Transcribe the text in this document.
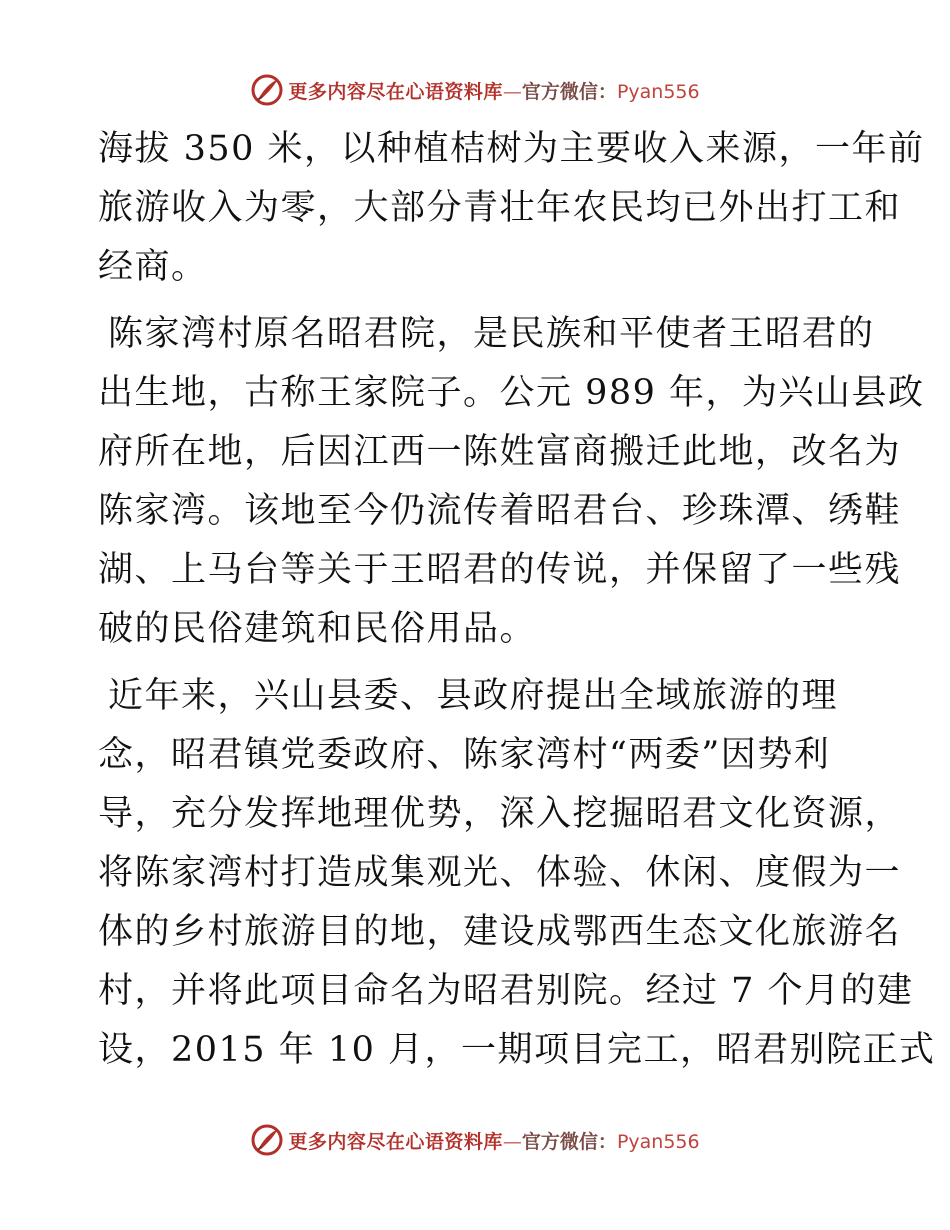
更多内容尽在心语资料库—官方微信：Pyan556
海拔 350 米，以种植桔树为主要收入来源，一年前
旅游收入为零，大部分青壮年农民均已外出打工和
经商。
陈家湾村原名昭君院，是民族和平使者王昭君的
出生地，古称王家院子。公元 989 年，为兴山县政
府所在地，后因江西一陈姓富商搬迁此地，改名为
陈家湾。该地至今仍流传着昭君台、珍珠潭、绣鞋
湖、上马台等关于王昭君的传说，并保留了一些残
破的民俗建筑和民俗用品。
近年来，兴山县委、县政府提出全域旅游的理
念，昭君镇党委政府、陈家湾村“两委”因势利
导，充分发挥地理优势，深入挖掘昭君文化资源，
将陈家湾村打造成集观光、体验、休闲、度假为一
体的乡村旅游目的地，建设成鄂西生态文化旅游名
村，并将此项目命名为昭君别院。经过 7 个月的建
设，2015 年 10 月，一期项目完工，昭君别院正式
更多内容尽在心语资料库—官方微信：Pyan556
